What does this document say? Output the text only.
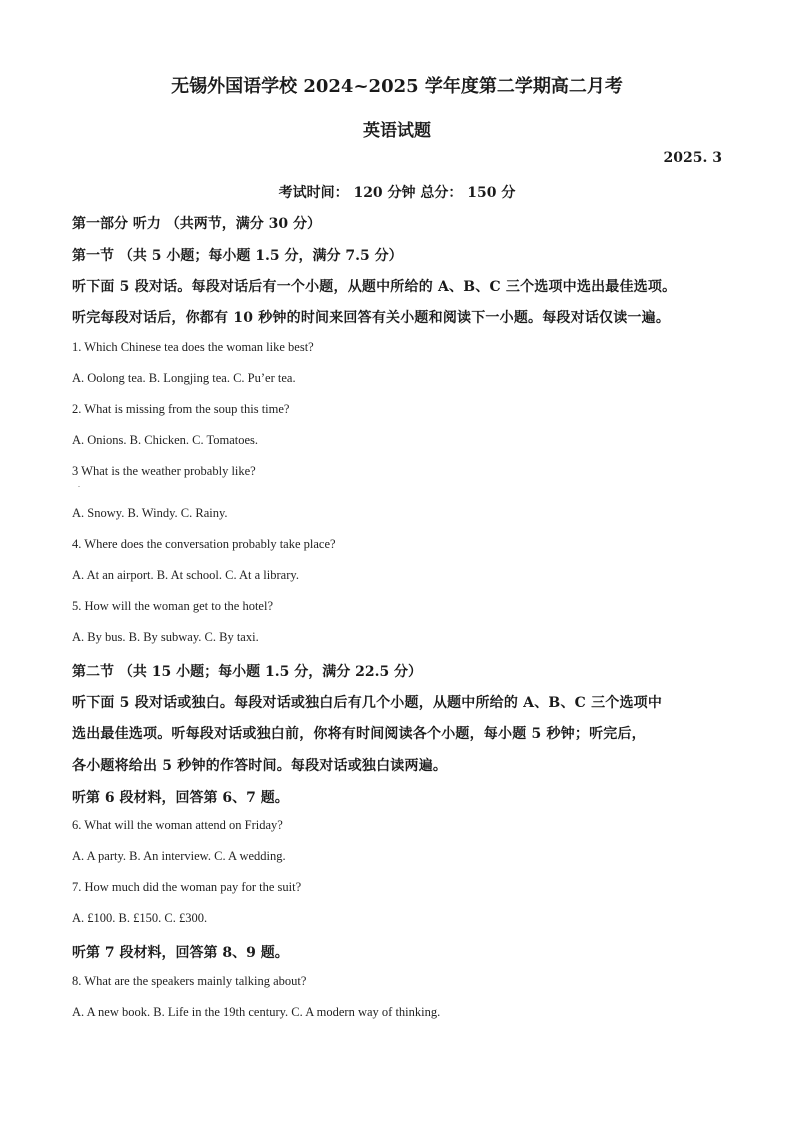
无锡外国语学校 2024~2025 学年度第二学期高二月考
英语试题
2025. 3
考试时间： 120 分钟 总分： 150 分
第一部分 听力 （共两节，满分 30 分）
第一节 （共 5 小题；每小题 1.5 分，满分 7.5 分）
听下面 5 段对话。每段对话后有一个小题，从题中所给的 A、B、C 三个选项中选出最佳选项。
听完每段对话后，你都有 10 秒钟的时间来回答有关小题和阅读下一小题。每段对话仅读一遍。
1. Which Chinese tea does the woman like best?
A. Oolong tea. B. Longjing tea. C. Pu’er tea.
2. What is missing from the soup this time?
A. Onions. B. Chicken. C. Tomatoes.
3 What is the weather probably like?
.
A. Snowy. B. Windy. C. Rainy.
4. Where does the conversation probably take place?
A. At an airport. B. At school. C. At a library.
5. How will the woman get to the hotel?
A. By bus. B. By subway. C. By taxi.
第二节 （共 15 小题；每小题 1.5 分，满分 22.5 分）
听下面 5 段对话或独白。每段对话或独白后有几个小题，从题中所给的 A、B、C 三个选项中
选出最佳选项。听每段对话或独白前，你将有时间阅读各个小题，每小题 5 秒钟；听完后，
各小题将给出 5 秒钟的作答时间。每段对话或独白读两遍。
听第 6 段材料，回答第 6、7 题。
6. What will the woman attend on Friday?
A. A party. B. An interview. C. A wedding.
7. How much did the woman pay for the suit?
A. £100. B. £150. C. £300.
听第 7 段材料，回答第 8、9 题。
8. What are the speakers mainly talking about?
A. A new book. B. Life in the 19th century. C. A modern way of thinking.
